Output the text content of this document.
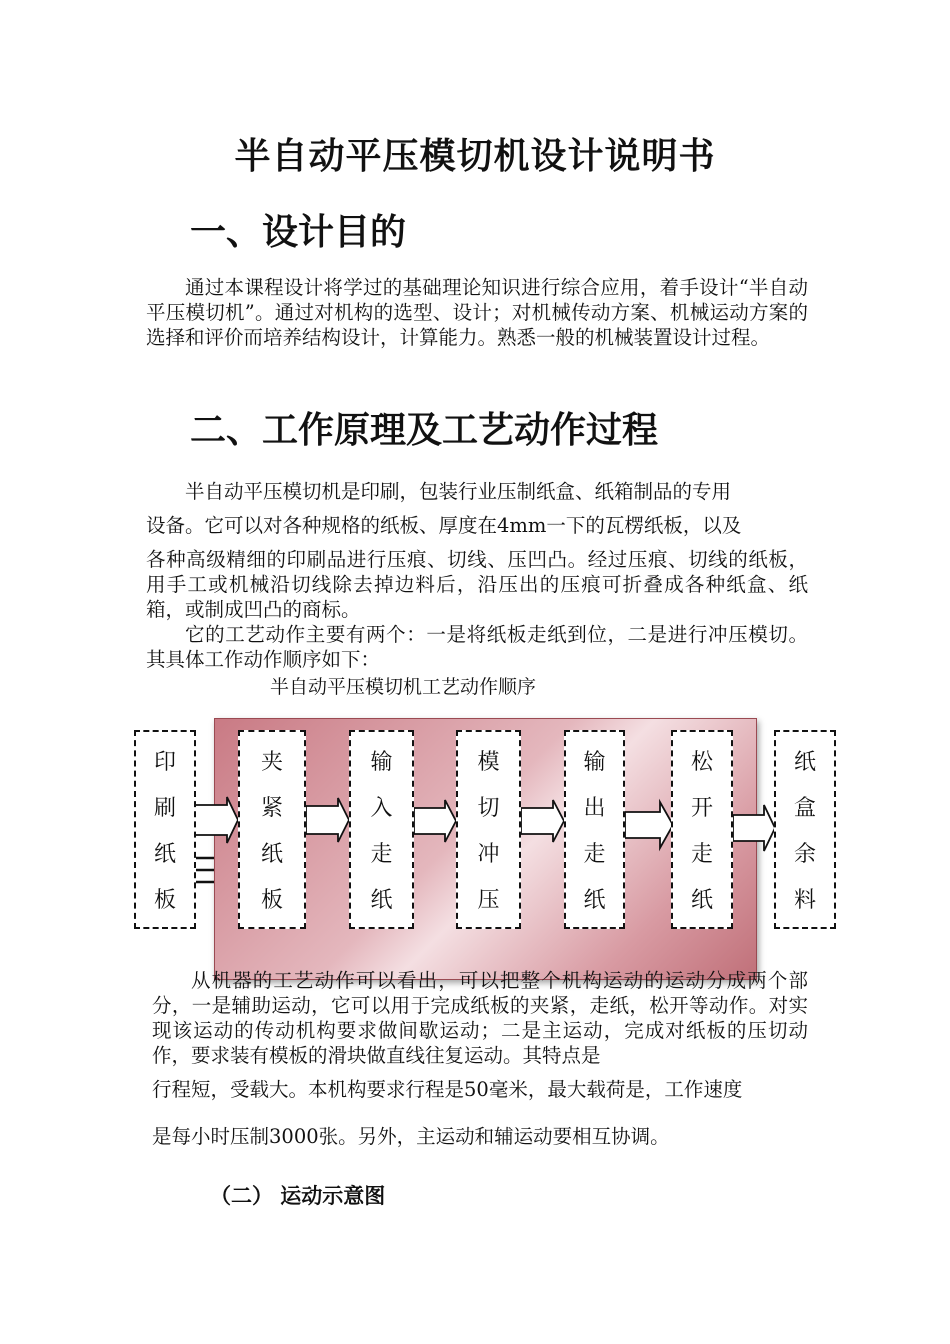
半自动平压模切机设计说明书
一、设计目的

通过本课程设计将学过的基础理论知识进行综合应用，着手设计“半自动平压模切机”。通过对机构的选型、设计；对机械传动方案、机械运动方案的选择和评价而培养结构设计，计算能力。熟悉一般的机械装置设计过程。

二、工作原理及工艺动作过程

半自动平压模切机是印刷，包装行业压制纸盒、纸箱制品的专用

设备。它可以对各种规格的纸板、厚度在4mm一下的瓦楞纸板，以及

各种高级精细的印刷品进行压痕、切线、压凹凸。经过压痕、切线的纸板，用手工或机械沿切线除去掉边料后，沿压出的压痕可折叠成各种纸盒、纸箱，或制成凹凸的商标。

它的工艺动作主要有两个：一是将纸板走纸到位，二是进行冲压模切。其具体工作动作顺序如下：

半自动平压模切机工艺动作顺序
印
刷
纸
板
夹
紧
纸
板
输
入
走
纸
模
切
冲
压
输
出
走
纸
松
开
走
纸
纸
盒
余
料

从机器的工艺动作可以看出，可以把整个机构运动的运动分成两个部分，一是辅助运动，它可以用于完成纸板的夹紧，走纸，松开等动作。对实现该运动的传动机构要求做间歇运动；二是主运动，完成对纸板的压切动作，要求装有模板的滑块做直线往复运动。其特点是

行程短，受载大。本机构要求行程是50毫米，最大载荷是，工作速度

是每小时压制3000张。另外，主运动和辅运动要相互协调。

（二） 运动示意图
